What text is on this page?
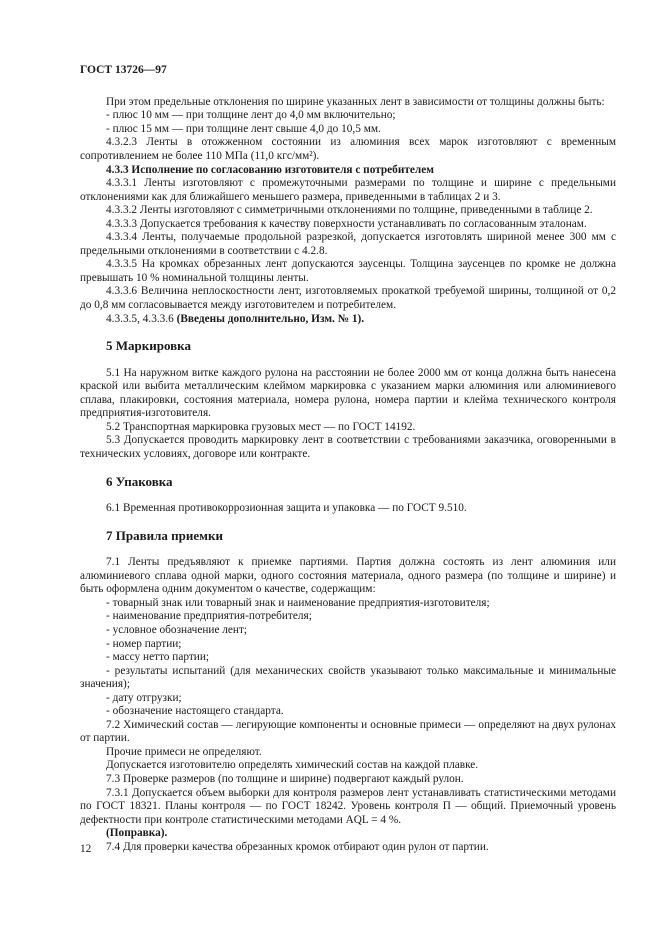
ГОСТ 13726—97

При этом предельные отклонения по ширине указанных лент в зависимости от толщины должны быть:

- плюс 10 мм — при толщине лент до 4,0 мм включительно;

- плюс 15 мм — при толщине лент свыше 4,0 до 10,5 мм.

4.3.2.3 Ленты в отожженном состоянии из алюминия всех марок изготовляют с временным сопротивлением не более 110 МПа (11,0 кгс/мм²).

4.3.3 Исполнение по согласованию изготовителя с потребителем

4.3.3.1 Ленты изготовляют с промежуточными размерами по толщине и ширине с предельными отклонениями как для ближайшего меньшего размера, приведенными в таблицах 2 и 3.

4.3.3.2 Ленты изготовляют с симметричными отклонениями по толщине, приведенными в таблице 2.

4.3.3.3 Допускается требования к качеству поверхности устанавливать по согласованным эталонам.

4.3.3.4 Ленты, получаемые продольной разрезкой, допускается изготовлять шириной менее 300 мм с предельными отклонениями в соответствии с 4.2.8.

4.3.3.5 На кромках обрезанных лент допускаются заусенцы. Толщина заусенцев по кромке не должна превышать 10 % номинальной толщины ленты.

4.3.3.6 Величина неплоскостности лент, изготовляемых прокаткой требуемой ширины, толщиной от 0,2 до 0,8 мм согласовывается между изготовителем и потребителем.

4.3.3.5, 4.3.3.6 (Введены дополнительно, Изм. № 1).

5 Маркировка

5.1 На наружном витке каждого рулона на расстоянии не более 2000 мм от конца должна быть нанесена краской или выбита металлическим клеймом маркировка с указанием марки алюминия или алюминиевого сплава, плакировки, состояния материала, номера рулона, номера партии и клейма технического контроля предприятия-изготовителя.

5.2 Транспортная маркировка грузовых мест — по ГОСТ 14192.

5.3 Допускается проводить маркировку лент в соответствии с требованиями заказчика, оговоренными в технических условиях, договоре или контракте.

6 Упаковка

6.1 Временная противокоррозионная защита и упаковка — по ГОСТ 9.510.

7 Правила приемки

7.1 Ленты предъявляют к приемке партиями. Партия должна состоять из лент алюминия или алюминиевого сплава одной марки, одного состояния материала, одного размера (по толщине и ширине) и быть оформлена одним документом о качестве, содержащим:

- товарный знак или товарный знак и наименование предприятия-изготовителя;

- наименование предприятия-потребителя;

- условное обозначение лент;

- номер партии;

- массу нетто партии;

- результаты испытаний (для механических свойств указывают только максимальные и минимальные значения);

- дату отгрузки;

- обозначение настоящего стандарта.

7.2 Химический состав — легирующие компоненты и основные примеси — определяют на двух рулонах от партии.

Прочие примеси не определяют.

Допускается изготовителю определять химический состав на каждой плавке.

7.3 Проверке размеров (по толщине и ширине) подвергают каждый рулон.

7.3.1 Допускается объем выборки для контроля размеров лент устанавливать статистическими методами по ГОСТ 18321. Планы контроля — по ГОСТ 18242. Уровень контроля П — общий. Приемочный уровень дефектности при контроле статистическими методами AQL = 4 %.

(Поправка).

7.4 Для проверки качества обрезанных кромок отбирают один рулон от партии.

12
